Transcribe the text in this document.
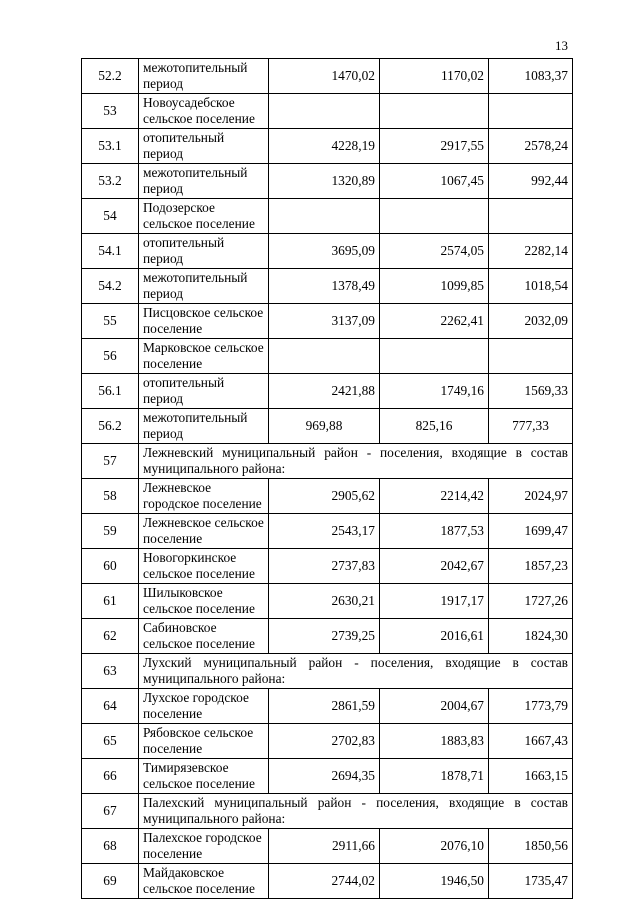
13
52.2	межотопительный период	1470,02	1170,02	1083,37
53	Новоусадебское сельское поселение			
53.1	отопительный период	4228,19	2917,55	2578,24
53.2	межотопительный период	1320,89	1067,45	992,44
54	Подозерское сельское поселение			
54.1	отопительный период	3695,09	2574,05	2282,14
54.2	межотопительный период	1378,49	1099,85	1018,54
55	Писцовское сельское поселение	3137,09	2262,41	2032,09
56	Марковское сельское поселение			
56.1	отопительный период	2421,88	1749,16	1569,33
56.2	межотопительный период	969,88	825,16	777,33
57	Лежневский муниципальный район - поселения, входящие в состав муниципального района:			
58	Лежневское городское поселение	2905,62	2214,42	2024,97
59	Лежневское сельское поселение	2543,17	1877,53	1699,47
60	Новогоркинское сельское поселение	2737,83	2042,67	1857,23
61	Шилыковское сельское поселение	2630,21	1917,17	1727,26
62	Сабиновское сельское поселение	2739,25	2016,61	1824,30
63	Лухский муниципальный район - поселения, входящие в состав муниципального района:			
64	Лухское городское поселение	2861,59	2004,67	1773,79
65	Рябовское сельское поселение	2702,83	1883,83	1667,43
66	Тимирязевское сельское поселение	2694,35	1878,71	1663,15
67	Палехский муниципальный район - поселения, входящие в состав муниципального района:			
68	Палехское городское поселение	2911,66	2076,10	1850,56
69	Майдаковское сельское поселение	2744,02	1946,50	1735,47
